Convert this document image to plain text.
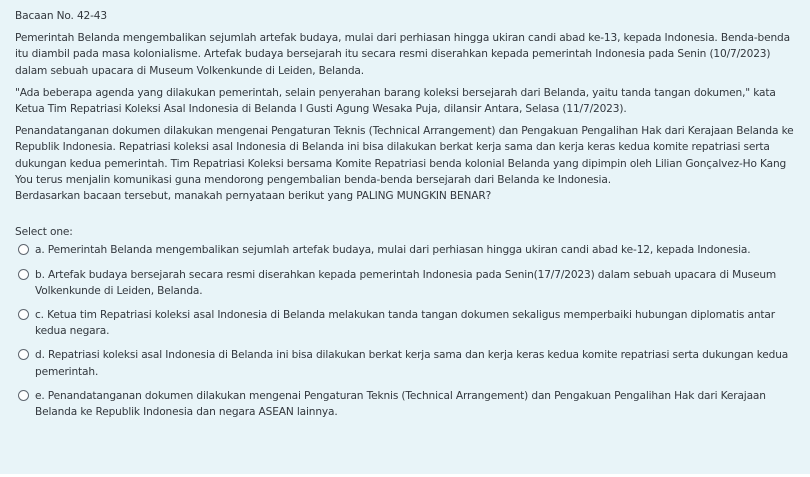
Bacaan No. 42-43
Pemerintah Belanda mengembalikan sejumlah artefak budaya, mulai dari perhiasan hingga ukiran candi abad ke-13, kepada Indonesia. Benda-benda itu diambil pada masa kolonialisme. Artefak budaya bersejarah itu secara resmi diserahkan kepada pemerintah Indonesia pada Senin (10/7/2023) dalam sebuah upacara di Museum Volkenkunde di Leiden, Belanda.
"Ada beberapa agenda yang dilakukan pemerintah, selain penyerahan barang koleksi bersejarah dari Belanda, yaitu tanda tangan dokumen," kata Ketua Tim Repatriasi Koleksi Asal Indonesia di Belanda I Gusti Agung Wesaka Puja, dilansir Antara, Selasa (11/7/2023).
Penandatanganan dokumen dilakukan mengenai Pengaturan Teknis (Technical Arrangement) dan Pengakuan Pengalihan Hak dari Kerajaan Belanda ke Republik Indonesia. Repatriasi koleksi asal Indonesia di Belanda ini bisa dilakukan berkat kerja sama dan kerja keras kedua komite repatriasi serta dukungan kedua pemerintah. Tim Repatriasi Koleksi bersama Komite Repatriasi benda kolonial Belanda yang dipimpin oleh Lilian Gonçalvez-Ho Kang You terus menjalin komunikasi guna mendorong pengembalian benda-benda bersejarah dari Belanda ke Indonesia.
Berdasarkan bacaan tersebut, manakah pernyataan berikut yang PALING MUNGKIN BENAR?
Select one:
a. Pemerintah Belanda mengembalikan sejumlah artefak budaya, mulai dari perhiasan hingga ukiran candi abad ke-12, kepada Indonesia.
b. Artefak budaya bersejarah secara resmi diserahkan kepada pemerintah Indonesia pada Senin(17/7/2023) dalam sebuah upacara di Museum Volkenkunde di Leiden, Belanda.
c. Ketua tim Repatriasi koleksi asal Indonesia di Belanda melakukan tanda tangan dokumen sekaligus memperbaiki hubungan diplomatis antar kedua negara.
d. Repatriasi koleksi asal Indonesia di Belanda ini bisa dilakukan berkat kerja sama dan kerja keras kedua komite repatriasi serta dukungan kedua pemerintah.
e. Penandatanganan dokumen dilakukan mengenai Pengaturan Teknis (Technical Arrangement) dan Pengakuan Pengalihan Hak dari Kerajaan Belanda ke Republik Indonesia dan negara ASEAN lainnya.
